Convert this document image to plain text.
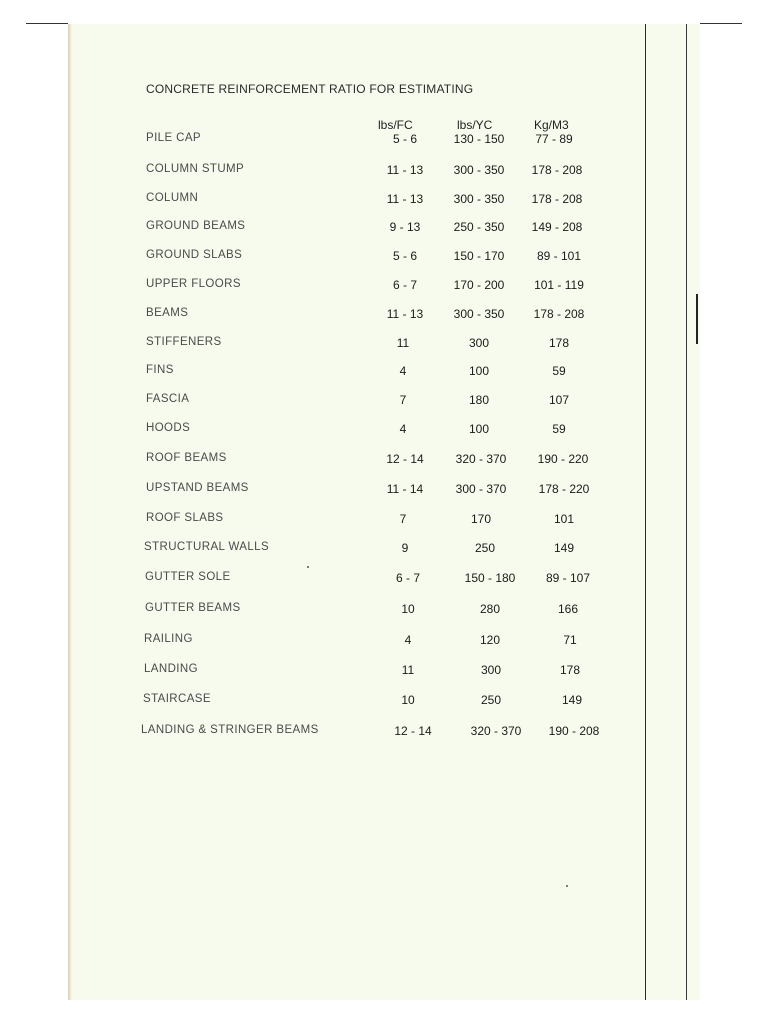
CONCRETE REINFORCEMENT RATIO FOR ESTIMATING
lbs/FC	lbs/YC	Kg/M3
PILE CAP	5 - 6	130 - 150	77 - 89
COLUMN STUMP	11 - 13	300 - 350	178 - 208
COLUMN	11 - 13	300 - 350	178 - 208
GROUND BEAMS	9 - 13	250 - 350	149 - 208
GROUND SLABS	5 - 6	150 - 170	89 - 101
UPPER FLOORS	6 - 7	170 - 200	101 - 119
BEAMS	11 - 13	300 - 350	178 - 208
STIFFENERS	11	300	178
FINS	4	100	59
FASCIA	7	180	107
HOODS	4	100	59
ROOF BEAMS	12 - 14	320 - 370	190 - 220
UPSTAND BEAMS	11 - 14	300 - 370	178 - 220
ROOF SLABS	7	170	101
STRUCTURAL WALLS	9	250	149
GUTTER SOLE	6 - 7	150 - 180	89 - 107
GUTTER BEAMS	10	280	166
RAILING	4	120	71
LANDING	11	300	178
STAIRCASE	10	250	149
LANDING & STRINGER BEAMS	12 - 14	320 - 370	190 - 208
